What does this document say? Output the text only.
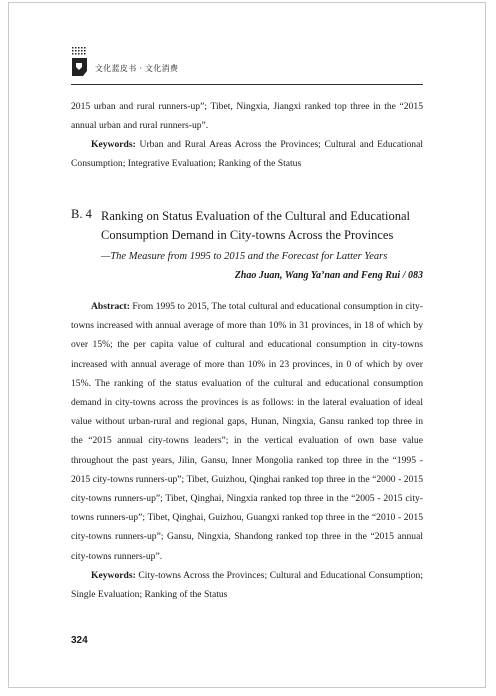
文化蓝皮书 · 文化消费

2015 urban and rural runners-up”; Tibet, Ningxia, Jiangxi ranked top three in the “2015 annual urban and rural runners-up”.

Keywords: Urban and Rural Areas Across the Provinces; Cultural and Educational Consumption; Integrative Evaluation; Ranking of the Status

B. 4 Ranking on Status Evaluation of the Cultural and Educational Consumption Demand in City-towns Across the Provinces
—The Measure from 1995 to 2015 and the Forecast for Latter Years
Zhao Juan, Wang Ya’nan and Feng Rui / 083

Abstract: From 1995 to 2015, The total cultural and educational consumption in city-towns increased with annual average of more than 10% in 31 provinces, in 18 of which by over 15%; the per capita value of cultural and educational consumption in city-towns increased with annual average of more than 10% in 23 provinces, in 0 of which by over 15%. The ranking of the status evaluation of the cultural and educational consumption demand in city-towns across the provinces is as follows: in the lateral evaluation of ideal value without urban-rural and regional gaps, Hunan, Ningxia, Gansu ranked top three in the “2015 annual city-towns leaders”; in the vertical evaluation of own base value throughout the past years, Jilin, Gansu, Inner Mongolia ranked top three in the “1995 - 2015 city-towns runners-up”; Tibet, Guizhou, Qinghai ranked top three in the “2000 - 2015 city-towns runners-up”; Tibet, Qinghai, Ningxia ranked top three in the “2005 - 2015 city-towns runners-up”; Tibet, Qinghai, Guizhou, Guangxi ranked top three in the “2010 - 2015 city-towns runners-up”; Gansu, Ningxia, Shandong ranked top three in the “2015 annual city-towns runners-up”.

Keywords: City-towns Across the Provinces; Cultural and Educational Consumption; Single Evaluation; Ranking of the Status

324
